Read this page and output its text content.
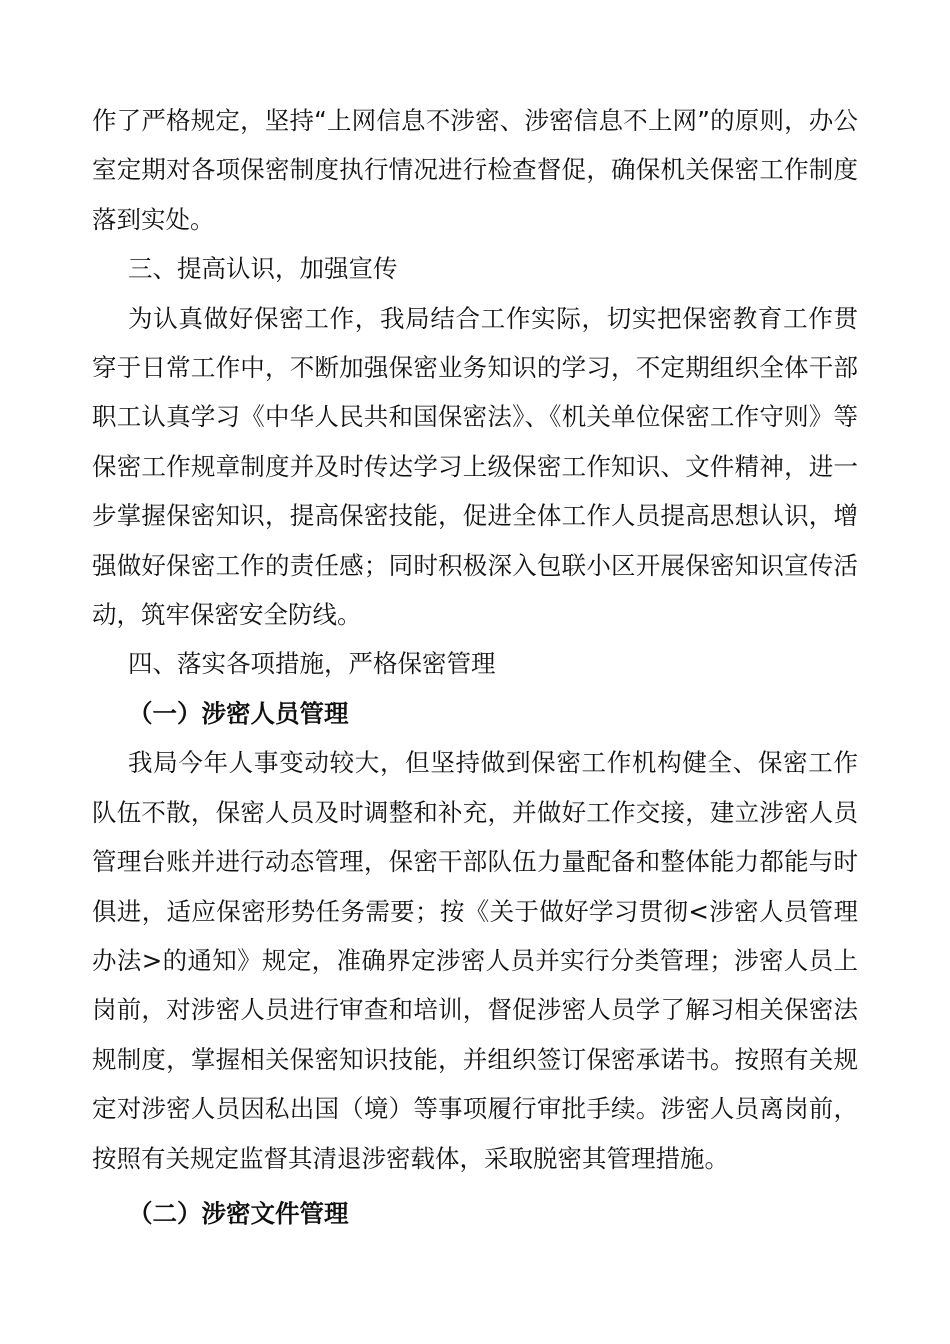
作了严格规定，坚持“上网信息不涉密、涉密信息不上网”的原则，办公室定期对各项保密制度执行情况进行检查督促，确保机关保密工作制度落到实处。

三、提高认识，加强宣传

为认真做好保密工作，我局结合工作实际，切实把保密教育工作贯穿于日常工作中，不断加强保密业务知识的学习，不定期组织全体干部职工认真学习《中华人民共和国保密法》、《机关单位保密工作守则》等保密工作规章制度并及时传达学习上级保密工作知识、文件精神，进一步掌握保密知识，提高保密技能，促进全体工作人员提高思想认识，增强做好保密工作的责任感；同时积极深入包联小区开展保密知识宣传活动，筑牢保密安全防线。

四、落实各项措施，严格保密管理

（一）涉密人员管理

我局今年人事变动较大，但坚持做到保密工作机构健全、保密工作队伍不散，保密人员及时调整和补充，并做好工作交接，建立涉密人员管理台账并进行动态管理，保密干部队伍力量配备和整体能力都能与时俱进，适应保密形势任务需要；按《关于做好学习贯彻<涉密人员管理办法>的通知》规定，准确界定涉密人员并实行分类管理；涉密人员上岗前，对涉密人员进行审查和培训，督促涉密人员学了解习相关保密法规制度，掌握相关保密知识技能，并组织签订保密承诺书。按照有关规定对涉密人员因私出国（境）等事项履行审批手续。涉密人员离岗前，按照有关规定监督其清退涉密载体，采取脱密其管理措施。

（二）涉密文件管理
